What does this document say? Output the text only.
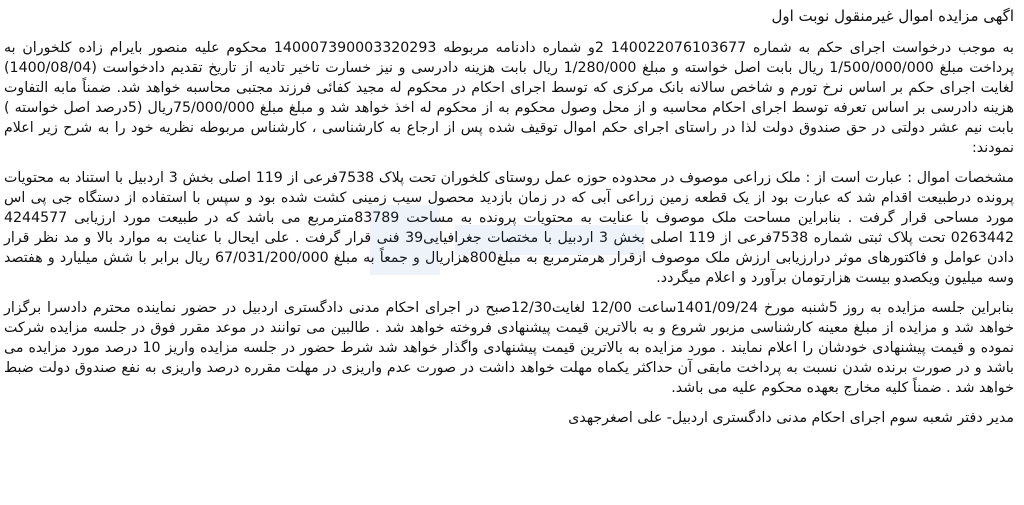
اگهی مزایده اموال غیرمنقول نوبت اول
به موجب درخواست اجرای حکم به شماره 140022076103677 2و شماره دادنامه مربوطه 140007390003320293 محکوم علیه منصور بایرام زاده کلخوران به پرداخت مبلغ 1/500/000/000 ریال بابت اصل خواسته و مبلغ 1/280/000 ریال بابت هزینه دادرسی و نیز خسارت تاخیر تادیه از تاریخ تقدیم دادخواست (1400/08/04) لغایت اجرای حکم بر اساس نرخ تورم و شاخص سالانه بانک مرکزی که توسط اجرای احکام در محکوم له مجید کفائی فرزند مجتبی محاسبه خواهد شد. ضمناً مابه التفاوت هزینه دادرسی بر اساس تعرفه توسط اجرای احکام محاسبه و از محل وصول محکوم به از محکوم له اخذ خواهد شد و مبلغ مبلغ 75/000/000ریال (5درصد اصل خواسته ) بابت نیم عشر دولتی در حق صندوق دولت لذا در راستای اجرای حکم اموال توقیف شده پس از ارجاع به کارشناسی ، کارشناس مربوطه نظریه خود را به شرح زیر اعلام نمودند:
مشخصات اموال : عبارت است از : ملک زراعی موصوف در محدوده حوزه عمل روستای کلخوران تحت پلاک 7538فرعی از 119 اصلی بخش 3 اردبیل با استناد به محتویات پرونده درطبیعت اقدام شد که عبارت بود از یک قطعه زمین زراعی آبی که در زمان بازدید محصول سیب زمینی کشت شده بود و سپس با استفاده از دستگاه جی پی اس مورد مساحی قرار گرفت . بنابراین مساحت ملک موصوف با عنایت به محتویات پرونده به مساحت 83789مترمربع می باشد که در طبیعت مورد ارزیابی 4244577 0263442 تحت پلاک ثبتی شماره 7538فرعی از 119 اصلی بخش 3 اردبیل با مختصات جغرافیایی39 فنی قرار گرفت . علی ایحال با عنایت به موارد بالا و مد نظر قرار دادن عوامل و فاکتورهای موثر درارزیابی ارزش ملک موصوف ازقرار هرمترمربع به مبلغ800هزاریال و جمعاً به مبلغ 67/031/200/000 ریال برابر با شش میلیارد و هفتصد وسه میلیون ویکصدو بیست هزارتومان برآورد و اعلام میگردد.
بنابراین جلسه مزایده به روز 5شنبه مورخ 1401/09/24ساعت 12/00 لغایت12/30صبح در اجرای احکام مدنی دادگستری اردبیل در حضور نماینده محترم دادسرا برگزار خواهد شد و مزایده از مبلغ معینه کارشناسی مزبور شروع و به بالاترین قیمت پیشنهادی فروخته خواهد شد . طالبین می توانند در موعد مقرر فوق در جلسه مزایده شرکت نموده و قیمت پیشنهادی خودشان را اعلام نمایند . مورد مزایده به بالاترین قیمت پیشنهادی واگذار خواهد شد شرط حضور در جلسه مزایده واریز 10 درصد مورد مزایده می باشد و در صورت برنده شدن نسبت به پرداخت مابقی آن حداکثر یکماه مهلت خواهد داشت در صورت عدم واریزی در مهلت مقرره درصد واریزی به نفع صندوق دولت ضبط خواهد شد . ضمناً کلیه مخارج بعهده محکوم علیه می باشد.
مدیر دفتر شعبه سوم اجرای احکام مدنی دادگستری اردبیل- علی اصغرجهدی
